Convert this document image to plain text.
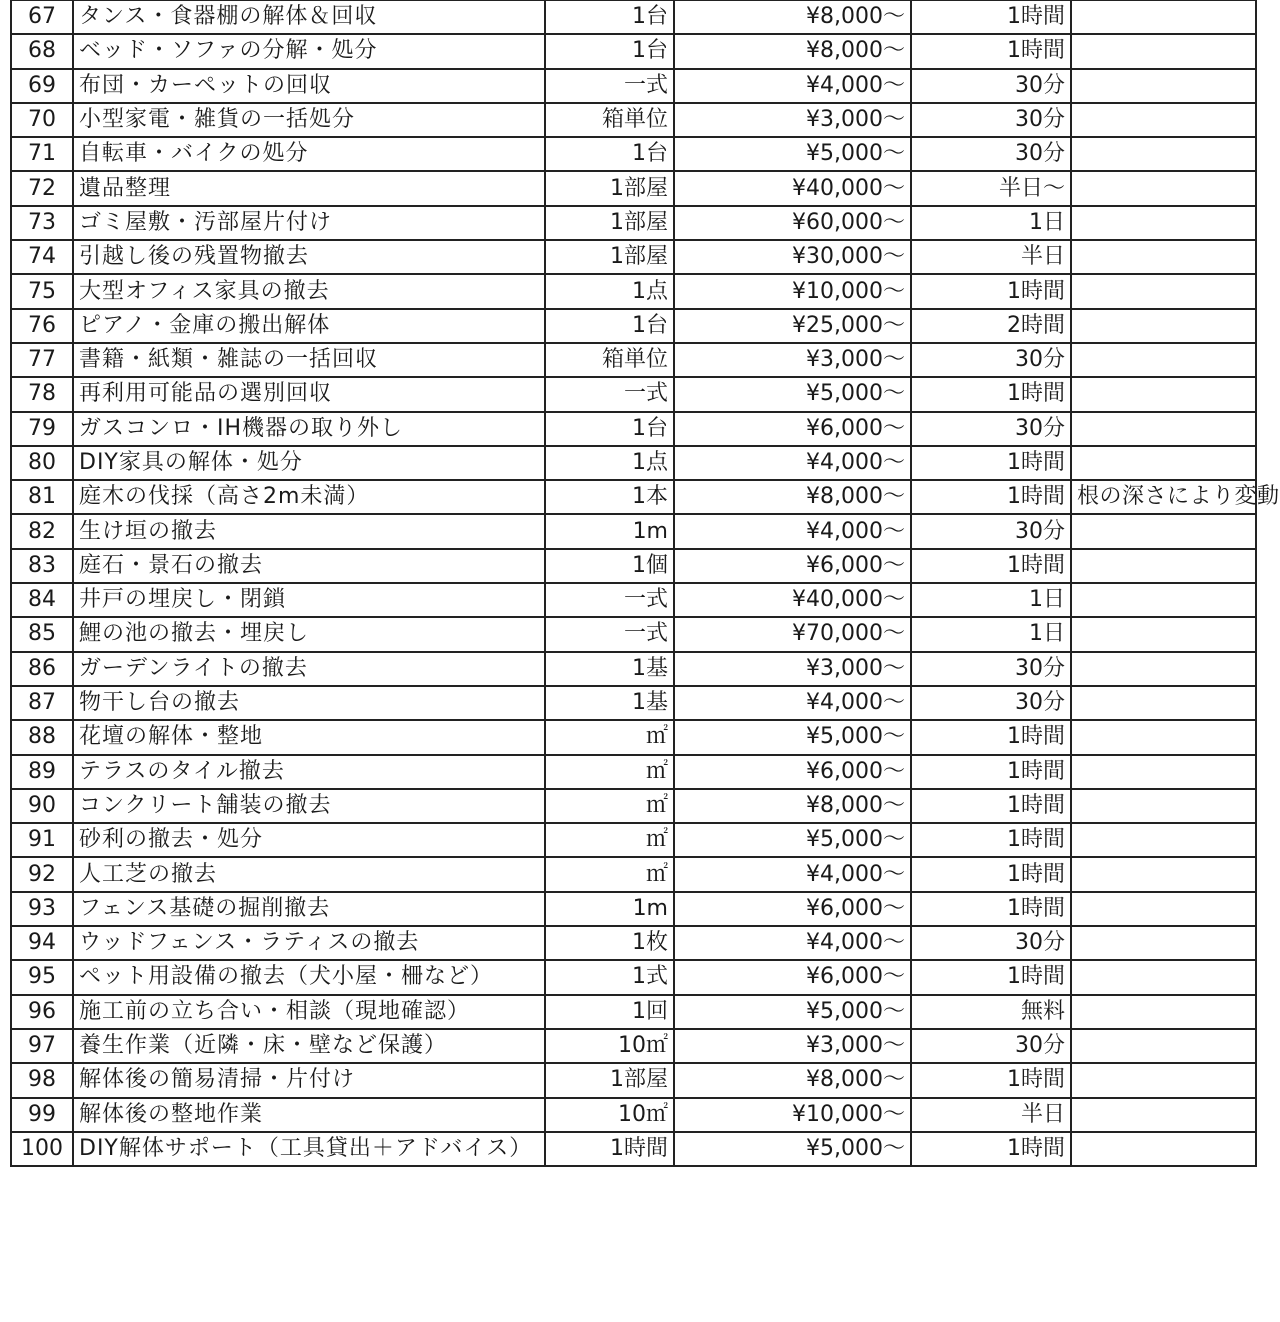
67	タンス・食器棚の解体＆回収	1台	¥8,000～	1時間	
68	ベッド・ソファの分解・処分	1台	¥8,000～	1時間	
69	布団・カーペットの回収	一式	¥4,000～	30分	
70	小型家電・雑貨の一括処分	箱単位	¥3,000～	30分	
71	自転車・バイクの処分	1台	¥5,000～	30分	
72	遺品整理	1部屋	¥40,000～	半日～	
73	ゴミ屋敷・汚部屋片付け	1部屋	¥60,000～	1日	
74	引越し後の残置物撤去	1部屋	¥30,000～	半日	
75	大型オフィス家具の撤去	1点	¥10,000～	1時間	
76	ピアノ・金庫の搬出解体	1台	¥25,000～	2時間	
77	書籍・紙類・雑誌の一括回収	箱単位	¥3,000～	30分	
78	再利用可能品の選別回収	一式	¥5,000～	1時間	
79	ガスコンロ・IH機器の取り外し	1台	¥6,000～	30分	
80	DIY家具の解体・処分	1点	¥4,000～	1時間	
81	庭木の伐採（高さ2m未満）	1本	¥8,000～	1時間	根の深さにより変動
82	生け垣の撤去	1m	¥4,000～	30分	
83	庭石・景石の撤去	1個	¥6,000～	1時間	
84	井戸の埋戻し・閉鎖	一式	¥40,000～	1日	
85	鯉の池の撤去・埋戻し	一式	¥70,000～	1日	
86	ガーデンライトの撤去	1基	¥3,000～	30分	
87	物干し台の撤去	1基	¥4,000～	30分	
88	花壇の解体・整地	㎡	¥5,000～	1時間	
89	テラスのタイル撤去	㎡	¥6,000～	1時間	
90	コンクリート舗装の撤去	㎡	¥8,000～	1時間	
91	砂利の撤去・処分	㎡	¥5,000～	1時間	
92	人工芝の撤去	㎡	¥4,000～	1時間	
93	フェンス基礎の掘削撤去	1m	¥6,000～	1時間	
94	ウッドフェンス・ラティスの撤去	1枚	¥4,000～	30分	
95	ペット用設備の撤去（犬小屋・柵など）	1式	¥6,000～	1時間	
96	施工前の立ち合い・相談（現地確認）	1回	¥5,000～	無料	
97	養生作業（近隣・床・壁など保護）	10㎡	¥3,000～	30分	
98	解体後の簡易清掃・片付け	1部屋	¥8,000～	1時間	
99	解体後の整地作業	10㎡	¥10,000～	半日	
100	DIY解体サポート（工具貸出＋アドバイス）	1時間	¥5,000～	1時間	
